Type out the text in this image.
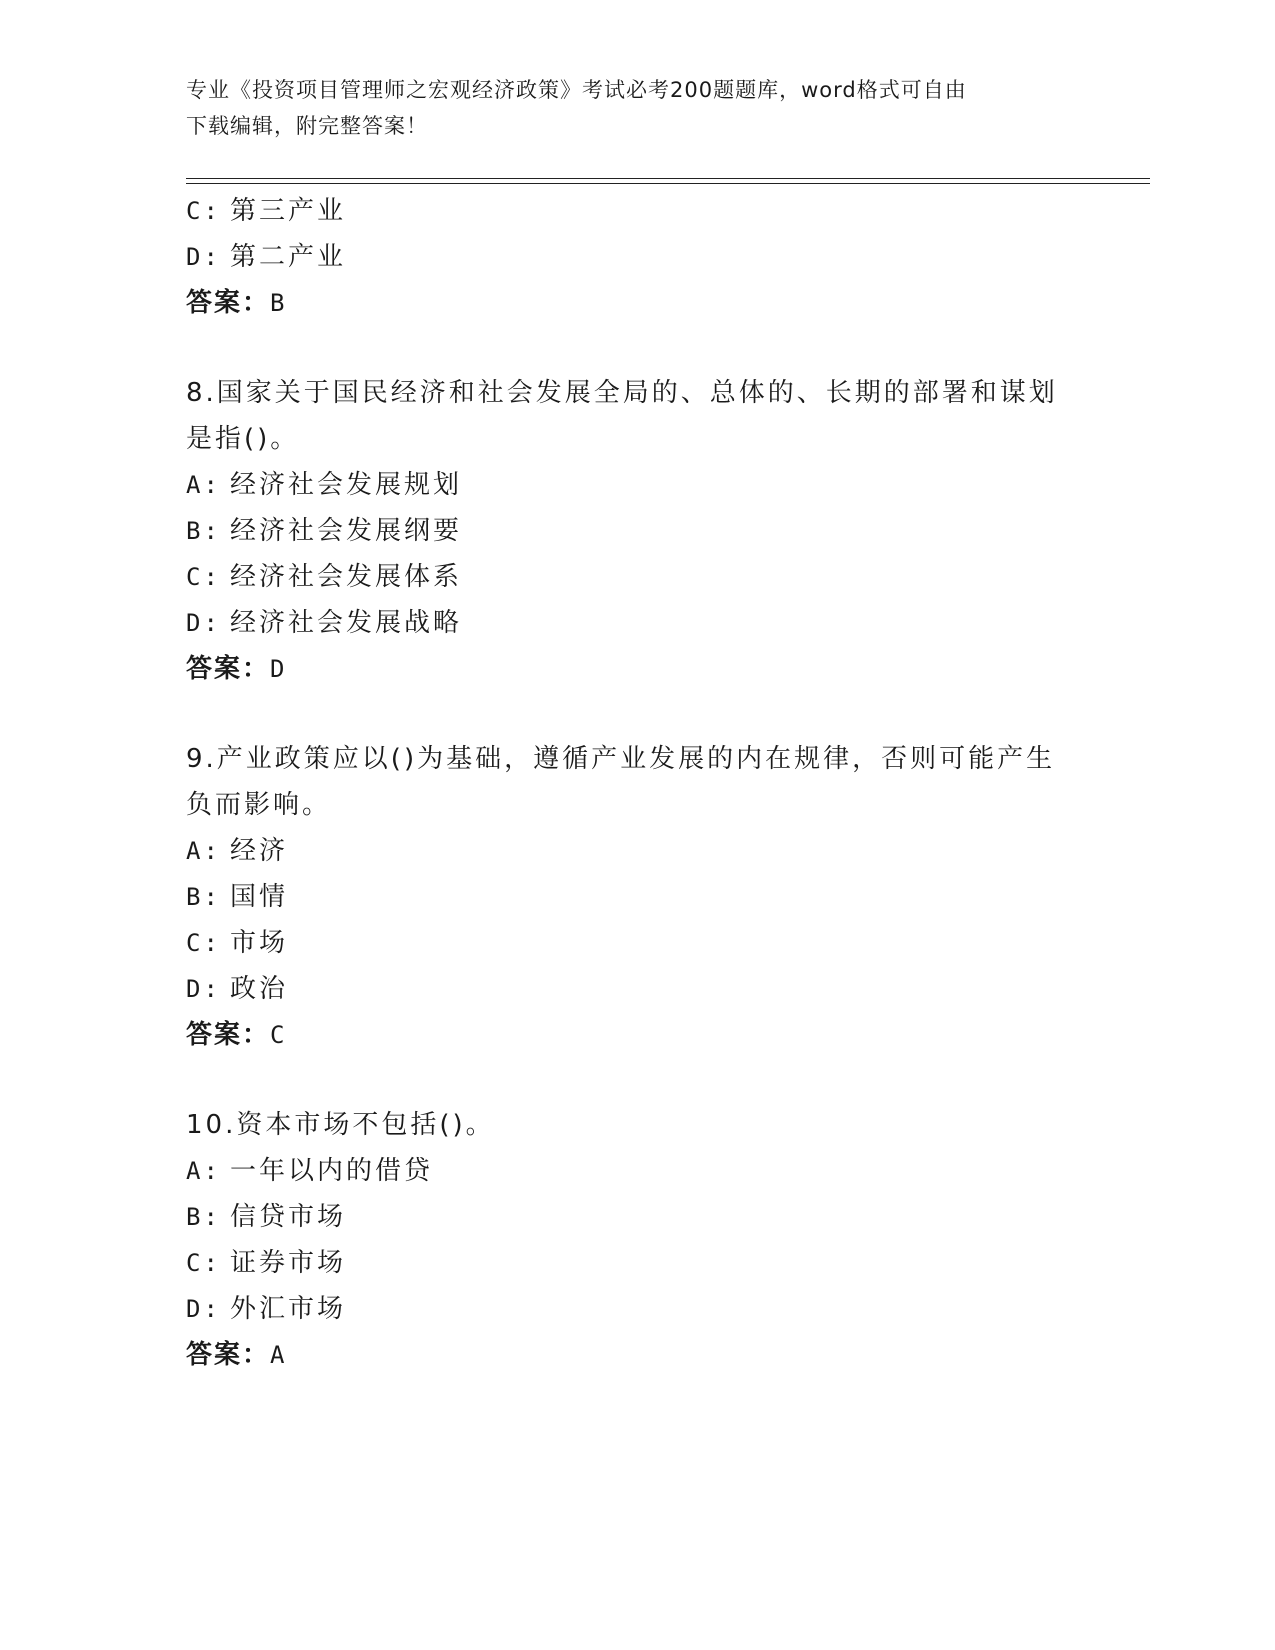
专业《投资项目管理师之宏观经济政策》考试必考200题题库，word格式可自由
下载编辑，附完整答案！
C: 第三产业
D: 第二产业
答案：B
8.国家关于国民经济和社会发展全局的、总体的、长期的部署和谋划
是指()。
A: 经济社会发展规划
B: 经济社会发展纲要
C: 经济社会发展体系
D: 经济社会发展战略
答案：D
9.产业政策应以()为基础，遵循产业发展的内在规律，否则可能产生
负而影响。
A: 经济
B: 国情
C: 市场
D: 政治
答案：C
10.资本市场不包括()。
A: 一年以内的借贷
B: 信贷市场
C: 证券市场
D: 外汇市场
答案：A
